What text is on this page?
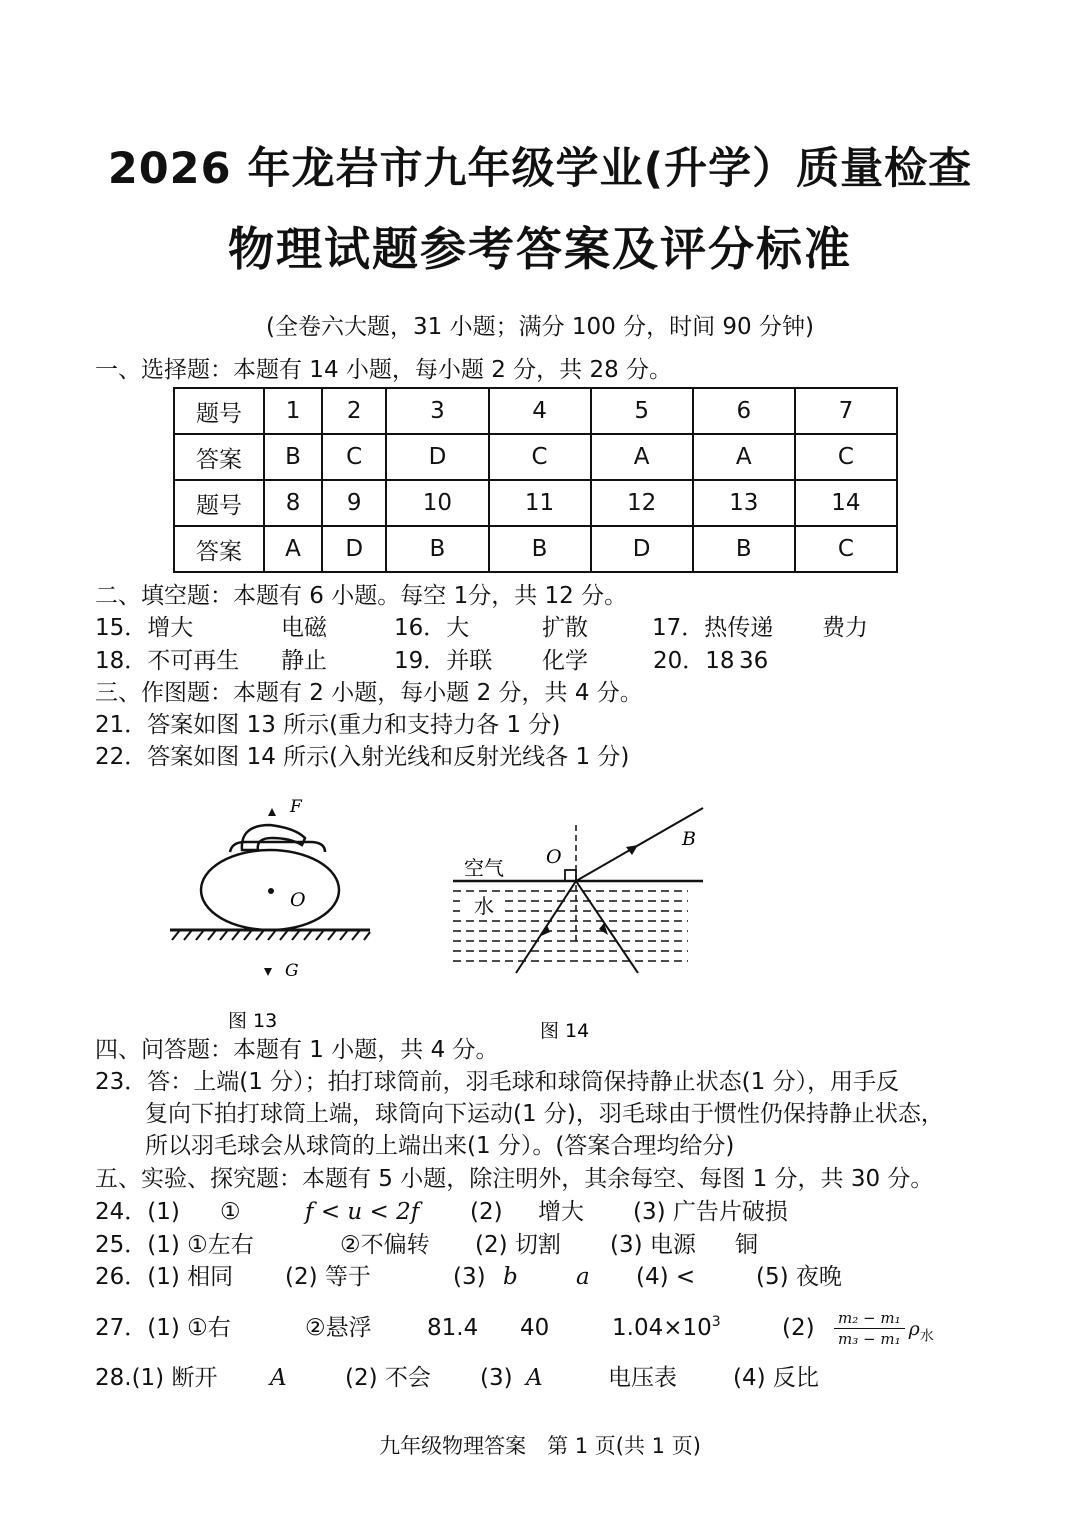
2026 年龙岩市九年级学业(升学）质量检查
物理试题参考答案及评分标准
(全卷六大题，31 小题；满分 100 分，时间 90 分钟)
一、选择题：本题有 14 小题，每小题 2 分，共 28 分。
题号	1	2	3	4	5	6	7
答案	B	C	D	C	A	A	C
题号	8	9	10	11	12	13	14
答案	A	D	B	B	D	B	C
二、填空题：本题有 6 小题。每空 1分，共 12 分。
15．增大	电磁	16．大	扩散	17．热传递 费力
18．不可再生 静止	19．并联 化学	20．18 36
三、作图题：本题有 2 小题，每小题 2 分，共 4 分。
21．答案如图 13 所示(重力和支持力各 1 分)
22．答案如图 14 所示(入射光线和反射光线各 1 分)
F
O
G
图 13
空气 O
B
水
图 14
四、问答题：本题有 1 小题，共 4 分。
23．答：上端(1 分）；拍打球筒前，羽毛球和球筒保持静止状态(1 分），用手反
复向下拍打球筒上端，球筒向下运动(1 分)，羽毛球由于惯性仍保持静止状态，
所以羽毛球会从球筒的上端出来(1 分）。(答案合理均给分)
五、实验、探究题：本题有 5 小题，除注明外，其余每空、每图 1 分，共 30 分。
24．(1) ①	f < u < 2f (2) 增大 (3) 广告片破损
25．(1) ①左右	②不偏转 (2) 切割 (3) 电源 铜
26．(1) 相同 (2) 等于	(3) b	a (4) <	(5) 夜晚
27．(1) ①右	②悬浮 81.4 40	$1.04\times 10^3$	$(2) \frac{\text{m₂ − m₁}}{\text{m₃ − m₁}} \rho_水$
28.(1) 断开 A	(2) 不会 (3) A	电压表 (4) 反比
九年级物理答案　第 1 页(共 1 页)
